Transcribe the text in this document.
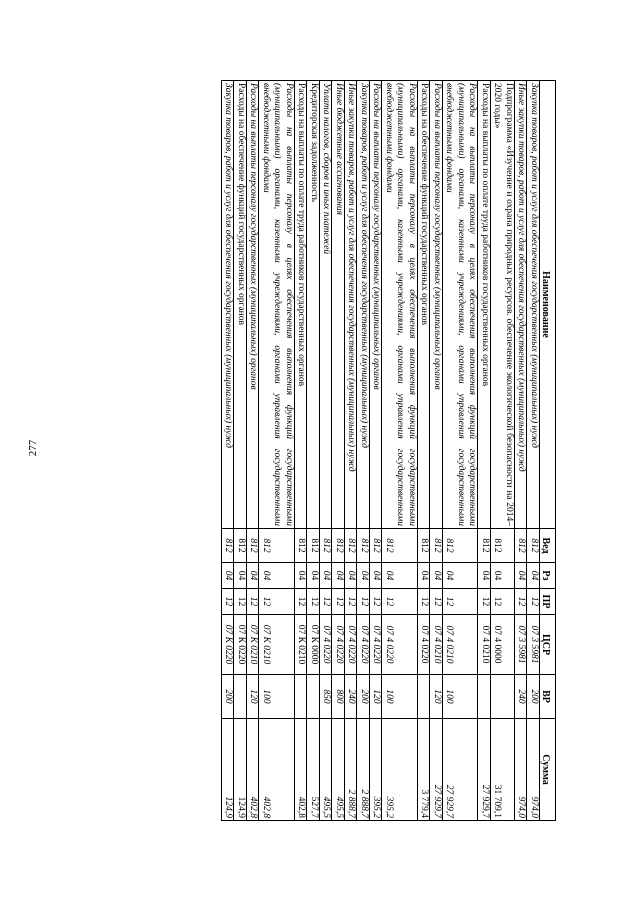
277
Наименование	Вед	Рз	ПР	ЦСР	ВР	Сумма
Закупка товаров, работ и услуг для обеспечения государственных (муниципальных) нужд	812	04	12	07 3 5981	200	974,0
Иные закупки товаров, работ и услуг для обеспечения государственных (муниципальных) нужд	812	04	12	07 3 5981	240	974,0
Подпрограмма «Изучение и охрана природных ресурсов. обеспечение экологической безопасности на 2014–2020 годы»	812	04	12	07 4 0000		31 709,1
Расходы на выплаты по оплате труда работников государственных органов	812	04	12	07 4 0210		27 929,7
Расходы на выплаты персоналу в целях обеспечения выполнения функций государственными (муниципальными) органами, казенными учреждениями, органами управления государственными внебюджетными фондами	812	04	12	07 4 0210	100	27 929,7
Расходы на выплаты персоналу государственных (муниципальных) органов	812	04	12	07 4 0210	120	27 929,7
Расходы на обеспечение функций государственных органов	812	04	12	07 4 0220		3 779,4
Расходы на выплаты персоналу в целях обеспечения выполнения функций государственными (муниципальными) органами, казенными учреждениями, органами управления государственными внебюджетными фондами	812	04	12	07 4 0220	100	395,2
Расходы на выплаты персоналу государственных (муниципальных) органов	812	04	12	07 4 0220	120	395,2
Закупка товаров, работ и услуг для обеспечения государственных (муниципальных) нужд	812	04	12	07 4 0220	200	2 888,7
Иные закупки товаров, работ и услуг для обеспечения государственных (муниципальных) нужд	812	04	12	07 4 0220	240	2 888,7
Иные бюджетные ассигнования	812	04	12	07 4 0220	800	495,5
Уплата налогов, сборов и иных платежей	812	04	12	07 4 0220	850	495,5
Кредиторская задолженность	812	04	12	07 К 0000		527,7
Расходы на выплаты по оплате труда работников государственных органов	812	04	12	07 К 0210		402,8
Расходы на выплаты персоналу в целях обеспечения выполнения функций государственными (муниципальными) органами, казенными учреждениями, органами управления государственными внебюджетными фондами	812	04	12	07 К 0210	100	402,8
Расходы на выплаты персоналу государственных (муниципальных) органов	812	04	12	07 К 0210	120	402,8
Расходы на обеспечение функций государственных органов	812	04	12	07 К 0220		124,9
Закупка товаров, работ и услуг для обеспечения государственных (муниципальных) нужд	812	04	12	07 К 0220	200	124,9
